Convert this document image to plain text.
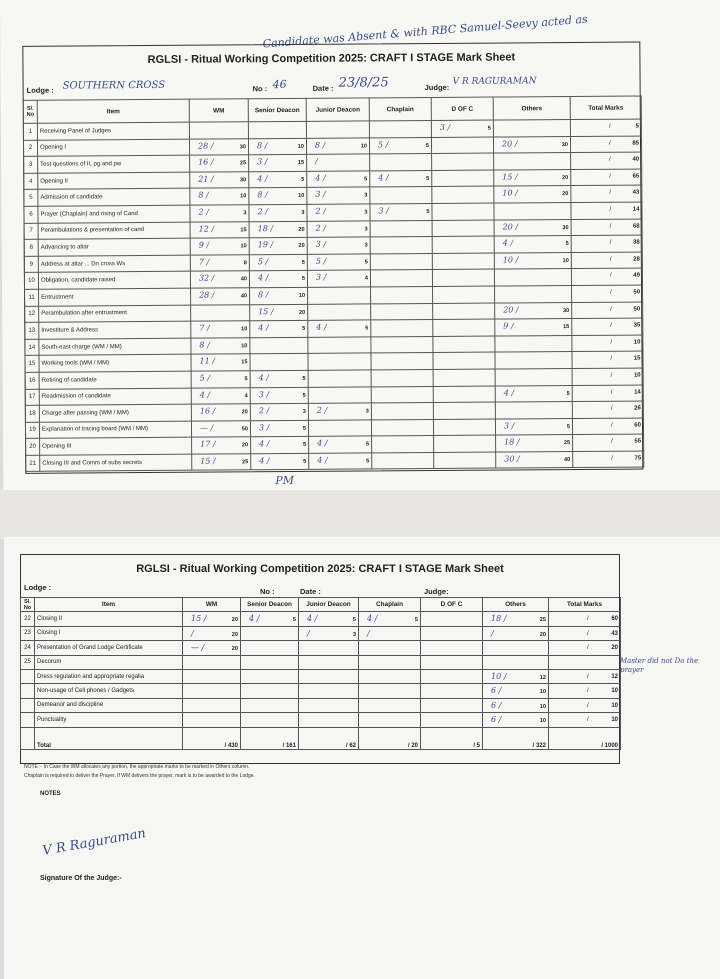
Candidate was Absent & with RBC Samuel-Seevy acted as
RGLSI - Ritual Working Competition 2025: CRAFT I STAGE Mark Sheet
Lodge : SOUTHERN CROSS	No : 46	Date : 23/8/25	Judge:
V R RAGURAMAN
Sl. No	Item	WM	Senior Deacon	Junior Deacon	Chaplain	D OF C	Others	Total Marks
1	Receiving Panel of Judges					3 / 5		/ 5

2	Opening I	28 / 30	8 / 10	8 / 10	5 / 5		20 / 30	/ 85

3	Test questions of II, pg and pw	16 / 25	3 / 15	/				/ 40

4	Opening II	21 / 30	4 / 5	4 / 5	4 / 5		15 / 20	/ 65

5	Admission of candidate	8 / 10	8 / 10	3 / 3			10 / 20	/ 43

6	Prayer (Chaplain) and rising of Cand	2 / 3	2 / 3	2 / 3	3 / 5			/ 14

7	Perambulations & presentation of cand	12 / 15	18 / 20	2 / 3			20 / 30	/ 68

8	Advancing to altar	9 / 10	19 / 20	3 / 3			4 / 5	/ 38

9	Address at altar ... Dn cross Ws	7 / 8	5 / 5	5 / 5			10 / 10	/ 28

10	Obligation, candidate raised	32 / 40	4 / 5	3 / 4				/ 49

11	Entrustment	28 / 40	8 / 10					/ 50

12	Perambulation after entrustment		15 / 20				20 / 30	/ 50

13	Investiture & Address	7 / 10	4 / 5	4 / 5			9 / 15	/ 35

14	South-east charge (WM / MM)	8 / 10						/ 10

15	Working tools (WM / MM)	11 / 15						/ 15

16	Retiring of candidate	5 / 5	4 / 5					/ 10

17	Readmission of candidate	4 / 4	3 / 5				4 / 5	/ 14

18	Charge after passing (WM / MM)	16 / 20	2 / 3	2 / 3				/ 26

19	Explanation of tracing board (WM / MM)	— / 50	3 / 5				3 / 5	/ 60

20	Opening III	17 / 20	4 / 5	4 / 5			18 / 25	/ 55

21	Closing III and Comm of subs secrets	15 / 25	4 / 5	4 / 5			30 / 40	/ 75
PM
RGLSI - Ritual Working Competition 2025: CRAFT I STAGE Mark Sheet
Lodge :	No :	Date :	Judge:
Sl. No	Item	WM	Senior Deacon	Junior Deacon	Chaplain	D OF C	Others	Total Marks
22	Closing II	15 / 20	4 / 5	4 / 5	4 / 5		18 / 25	/ 60

23	Closing I	/ 20		/ 3	/		/ 20	/ 43

24	Presentation of Grand Lodge Certificate	— / 20						/ 20

25	Decorum	

	Dress regulation and appropriate regalia						10 / 12	/ 12

	Non-usage of Cell phones / Gadgets						6 / 10	/ 10

	Demeanor and discipline						6 / 10	/ 10

	Punctuality						6 / 10	/ 10

	Total	/ 430	/ 161	/ 62	/ 20	/ 5	/ 322	/ 1000
NOTE :- In Case the WM allocates any portion, the appropriate marks to be marked in Others column.
Chaplain is required to deliver the Prayer. If WM delivers the prayer, mark is to be awarded to the Lodge.
NOTES
Master did not Do the prayer
V R Raguraman
Signature Of the Judge:-
